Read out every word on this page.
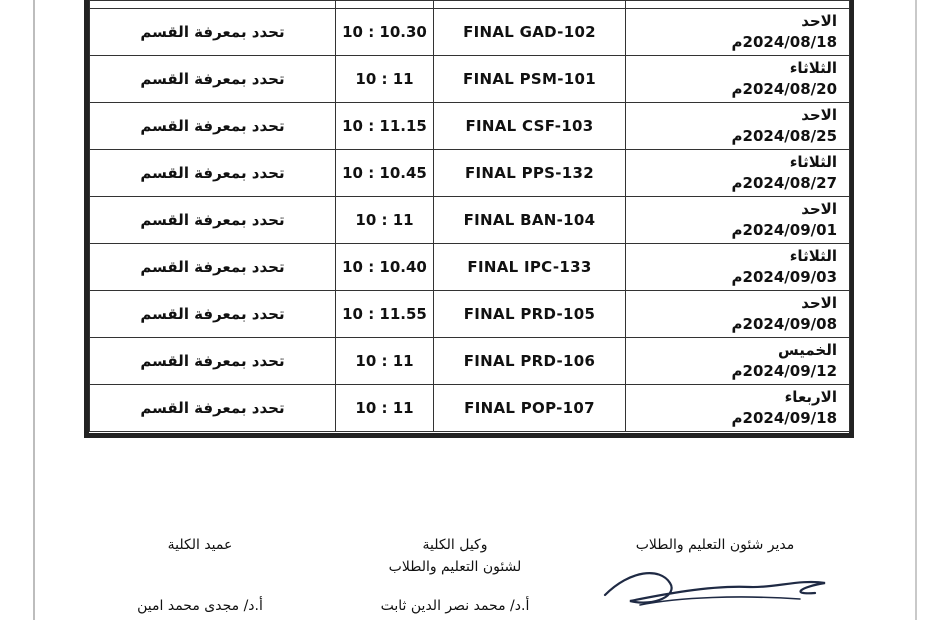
تحدد بمعرفة القسم	10 : 10.30	FINAL GAD-102	الاحد
2024/08/18م

تحدد بمعرفة القسم	10 : 11	FINAL PSM-101	الثلاثاء
2024/08/20م

تحدد بمعرفة القسم	10 : 11.15	FINAL CSF-103	الاحد
2024/08/25م

تحدد بمعرفة القسم	10 : 10.45	FINAL PPS-132	الثلاثاء
2024/08/27م

تحدد بمعرفة القسم	10 : 11	FINAL BAN-104	الاحد
2024/09/01م

تحدد بمعرفة القسم	10 : 10.40	FINAL IPC-133	الثلاثاء
2024/09/03م

تحدد بمعرفة القسم	10 : 11.55	FINAL PRD-105	الاحد
2024/09/08م

تحدد بمعرفة القسم	10 : 11	FINAL PRD-106	الخميس
2024/09/12م

تحدد بمعرفة القسم	10 : 11	FINAL POP-107	الاربعاء
2024/09/18م
عميد الكلية
أ.د/ مجدى محمد امين
وكيل الكلية
لشئون التعليم والطلاب
أ.د/ محمد نصر الدين ثابت
مدير شئون التعليم والطلاب
